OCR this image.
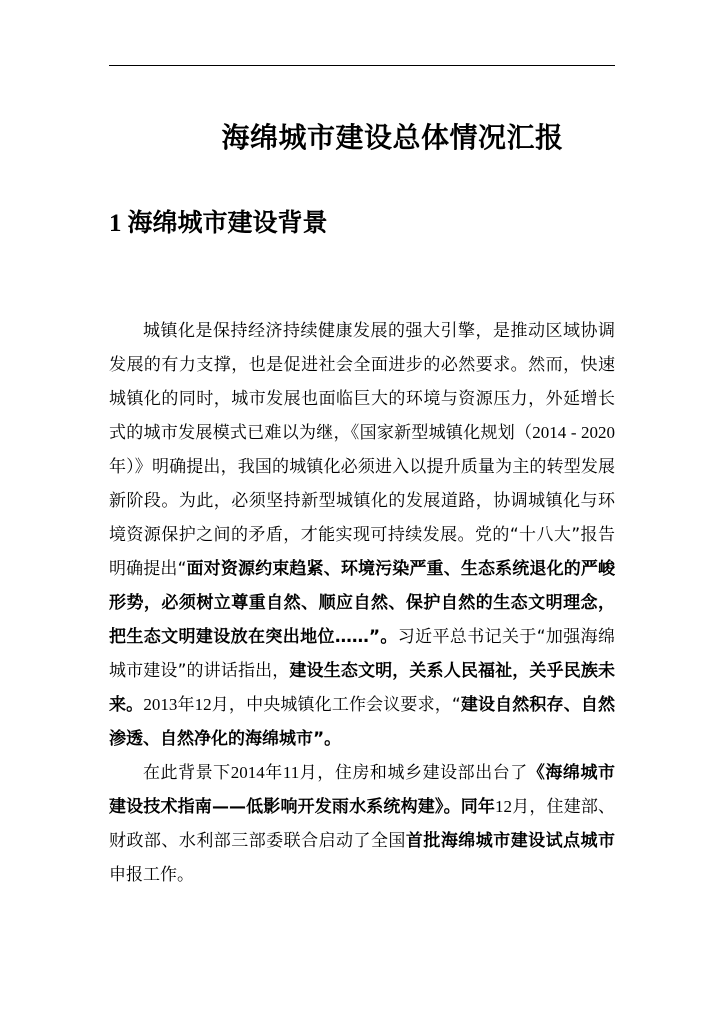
海绵城市建设总体情况汇报
1 海绵城市建设背景

城镇化是保持经济持续健康发展的强大引擎，是推动区域协调发展的有力支撑，也是促进社会全面进步的必然要求。然而，快速城镇化的同时，城市发展也面临巨大的环境与资源压力，外延增长式的城市发展模式已难以为继，《国家新型城镇化规划（2014 - 2020年）》明确提出，我国的城镇化必须进入以提升质量为主的转型发展新阶段。为此，必须坚持新型城镇化的发展道路，协调城镇化与环境资源保护之间的矛盾，才能实现可持续发展。党的“十八大”报告明确提出“面对资源约束趋紧、环境污染严重、生态系统退化的严峻形势，必须树立尊重自然、顺应自然、保护自然的生态文明理念，把生态文明建设放在突出地位……”。习近平总书记关于“加强海绵城市建设”的讲话指出，建设生态文明，关系人民福祉，关乎民族未来。2013年12月，中央城镇化工作会议要求，“建设自然积存、自然渗透、自然净化的海绵城市”。

在此背景下2014年11月，住房和城乡建设部出台了《海绵城市建设技术指南——低影响开发雨水系统构建》。同年12月，住建部、财政部、水利部三部委联合启动了全国首批海绵城市建设试点城市申报工作。
